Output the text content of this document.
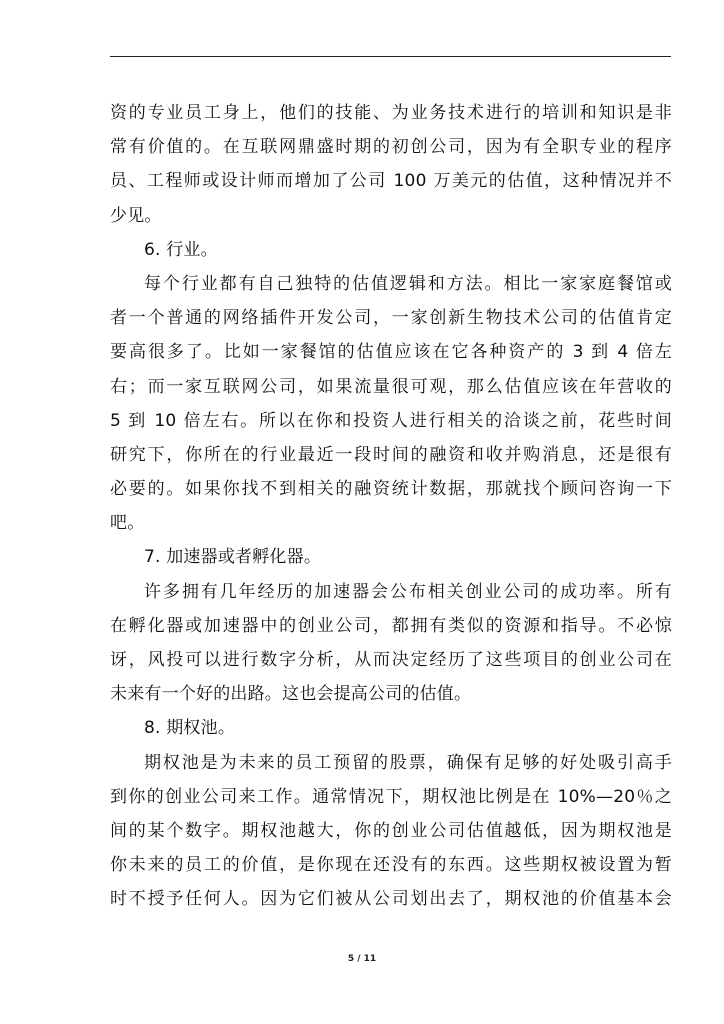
资的专业员工身上，他们的技能、为业务技术进行的培训和知识是非
常有价值的。在互联网鼎盛时期的初创公司，因为有全职专业的程序
员、工程师或设计师而增加了公司 100 万美元的估值，这种情况并不
少见。
6. 行业。
每个行业都有自己独特的估值逻辑和方法。相比一家家庭餐馆或
者一个普通的网络插件开发公司，一家创新生物技术公司的估值肯定
要高很多了。比如一家餐馆的估值应该在它各种资产的 3 到 4 倍左
右；而一家互联网公司，如果流量很可观，那么估值应该在年营收的
5 到 10 倍左右。所以在你和投资人进行相关的洽谈之前，花些时间
研究下，你所在的行业最近一段时间的融资和收并购消息，还是很有
必要的。如果你找不到相关的融资统计数据，那就找个顾问咨询一下
吧。
7. 加速器或者孵化器。
许多拥有几年经历的加速器会公布相关创业公司的成功率。所有
在孵化器或加速器中的创业公司，都拥有类似的资源和指导。不必惊
讶，风投可以进行数字分析，从而决定经历了这些项目的创业公司在
未来有一个好的出路。这也会提高公司的估值。
8. 期权池。
期权池是为未来的员工预留的股票，确保有足够的好处吸引高手
到你的创业公司来工作。通常情况下，期权池比例是在 10%—20％之
间的某个数字。期权池越大，你的创业公司估值越低，因为期权池是
你未来的员工的价值，是你现在还没有的东西。这些期权被设置为暂
时不授予任何人。因为它们被从公司划出去了，期权池的价值基本会
5 / 11
